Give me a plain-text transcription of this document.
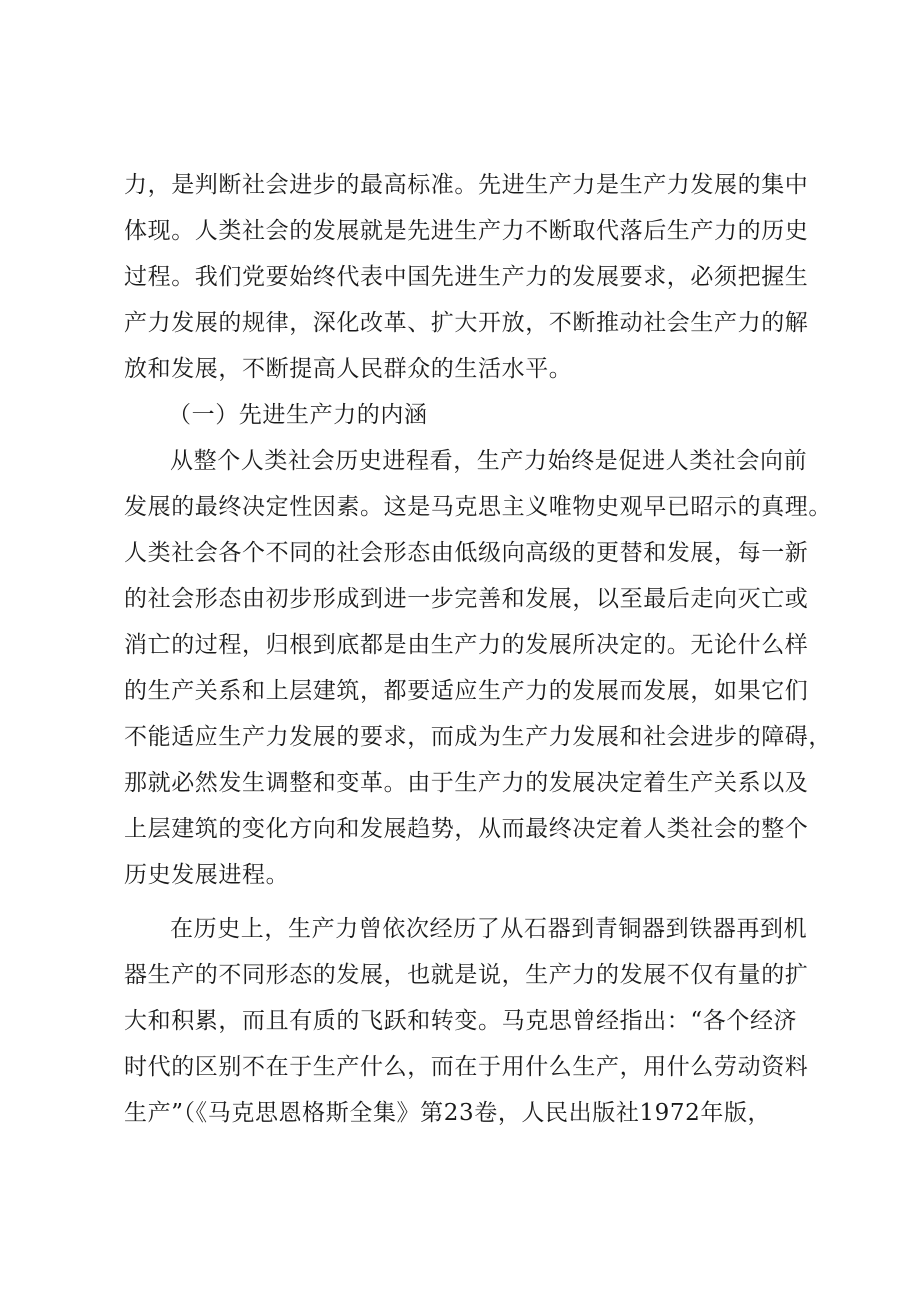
力，是判断社会进步的最高标准。先进生产力是生产力发展的集中
体现。人类社会的发展就是先进生产力不断取代落后生产力的历史
过程。我们党要始终代表中国先进生产力的发展要求，必须把握生
产力发展的规律，深化改革、扩大开放，不断推动社会生产力的解
放和发展，不断提高人民群众的生活水平。
（一）先进生产力的内涵
从整个人类社会历史进程看，生产力始终是促进人类社会向前
发展的最终决定性因素。这是马克思主义唯物史观早已昭示的真理。
人类社会各个不同的社会形态由低级向高级的更替和发展，每一新
的社会形态由初步形成到进一步完善和发展，以至最后走向灭亡或
消亡的过程，归根到底都是由生产力的发展所决定的。无论什么样
的生产关系和上层建筑，都要适应生产力的发展而发展，如果它们
不能适应生产力发展的要求，而成为生产力发展和社会进步的障碍，
那就必然发生调整和变革。由于生产力的发展决定着生产关系以及
上层建筑的变化方向和发展趋势，从而最终决定着人类社会的整个
历史发展进程。
在历史上，生产力曾依次经历了从石器到青铜器到铁器再到机
器生产的不同形态的发展，也就是说，生产力的发展不仅有量的扩
大和积累，而且有质的飞跃和转变。马克思曾经指出：“各个经济
时代的区别不在于生产什么，而在于用什么生产，用什么劳动资料
生产”（《马克思恩格斯全集》第23卷，人民出版社1972年版，
